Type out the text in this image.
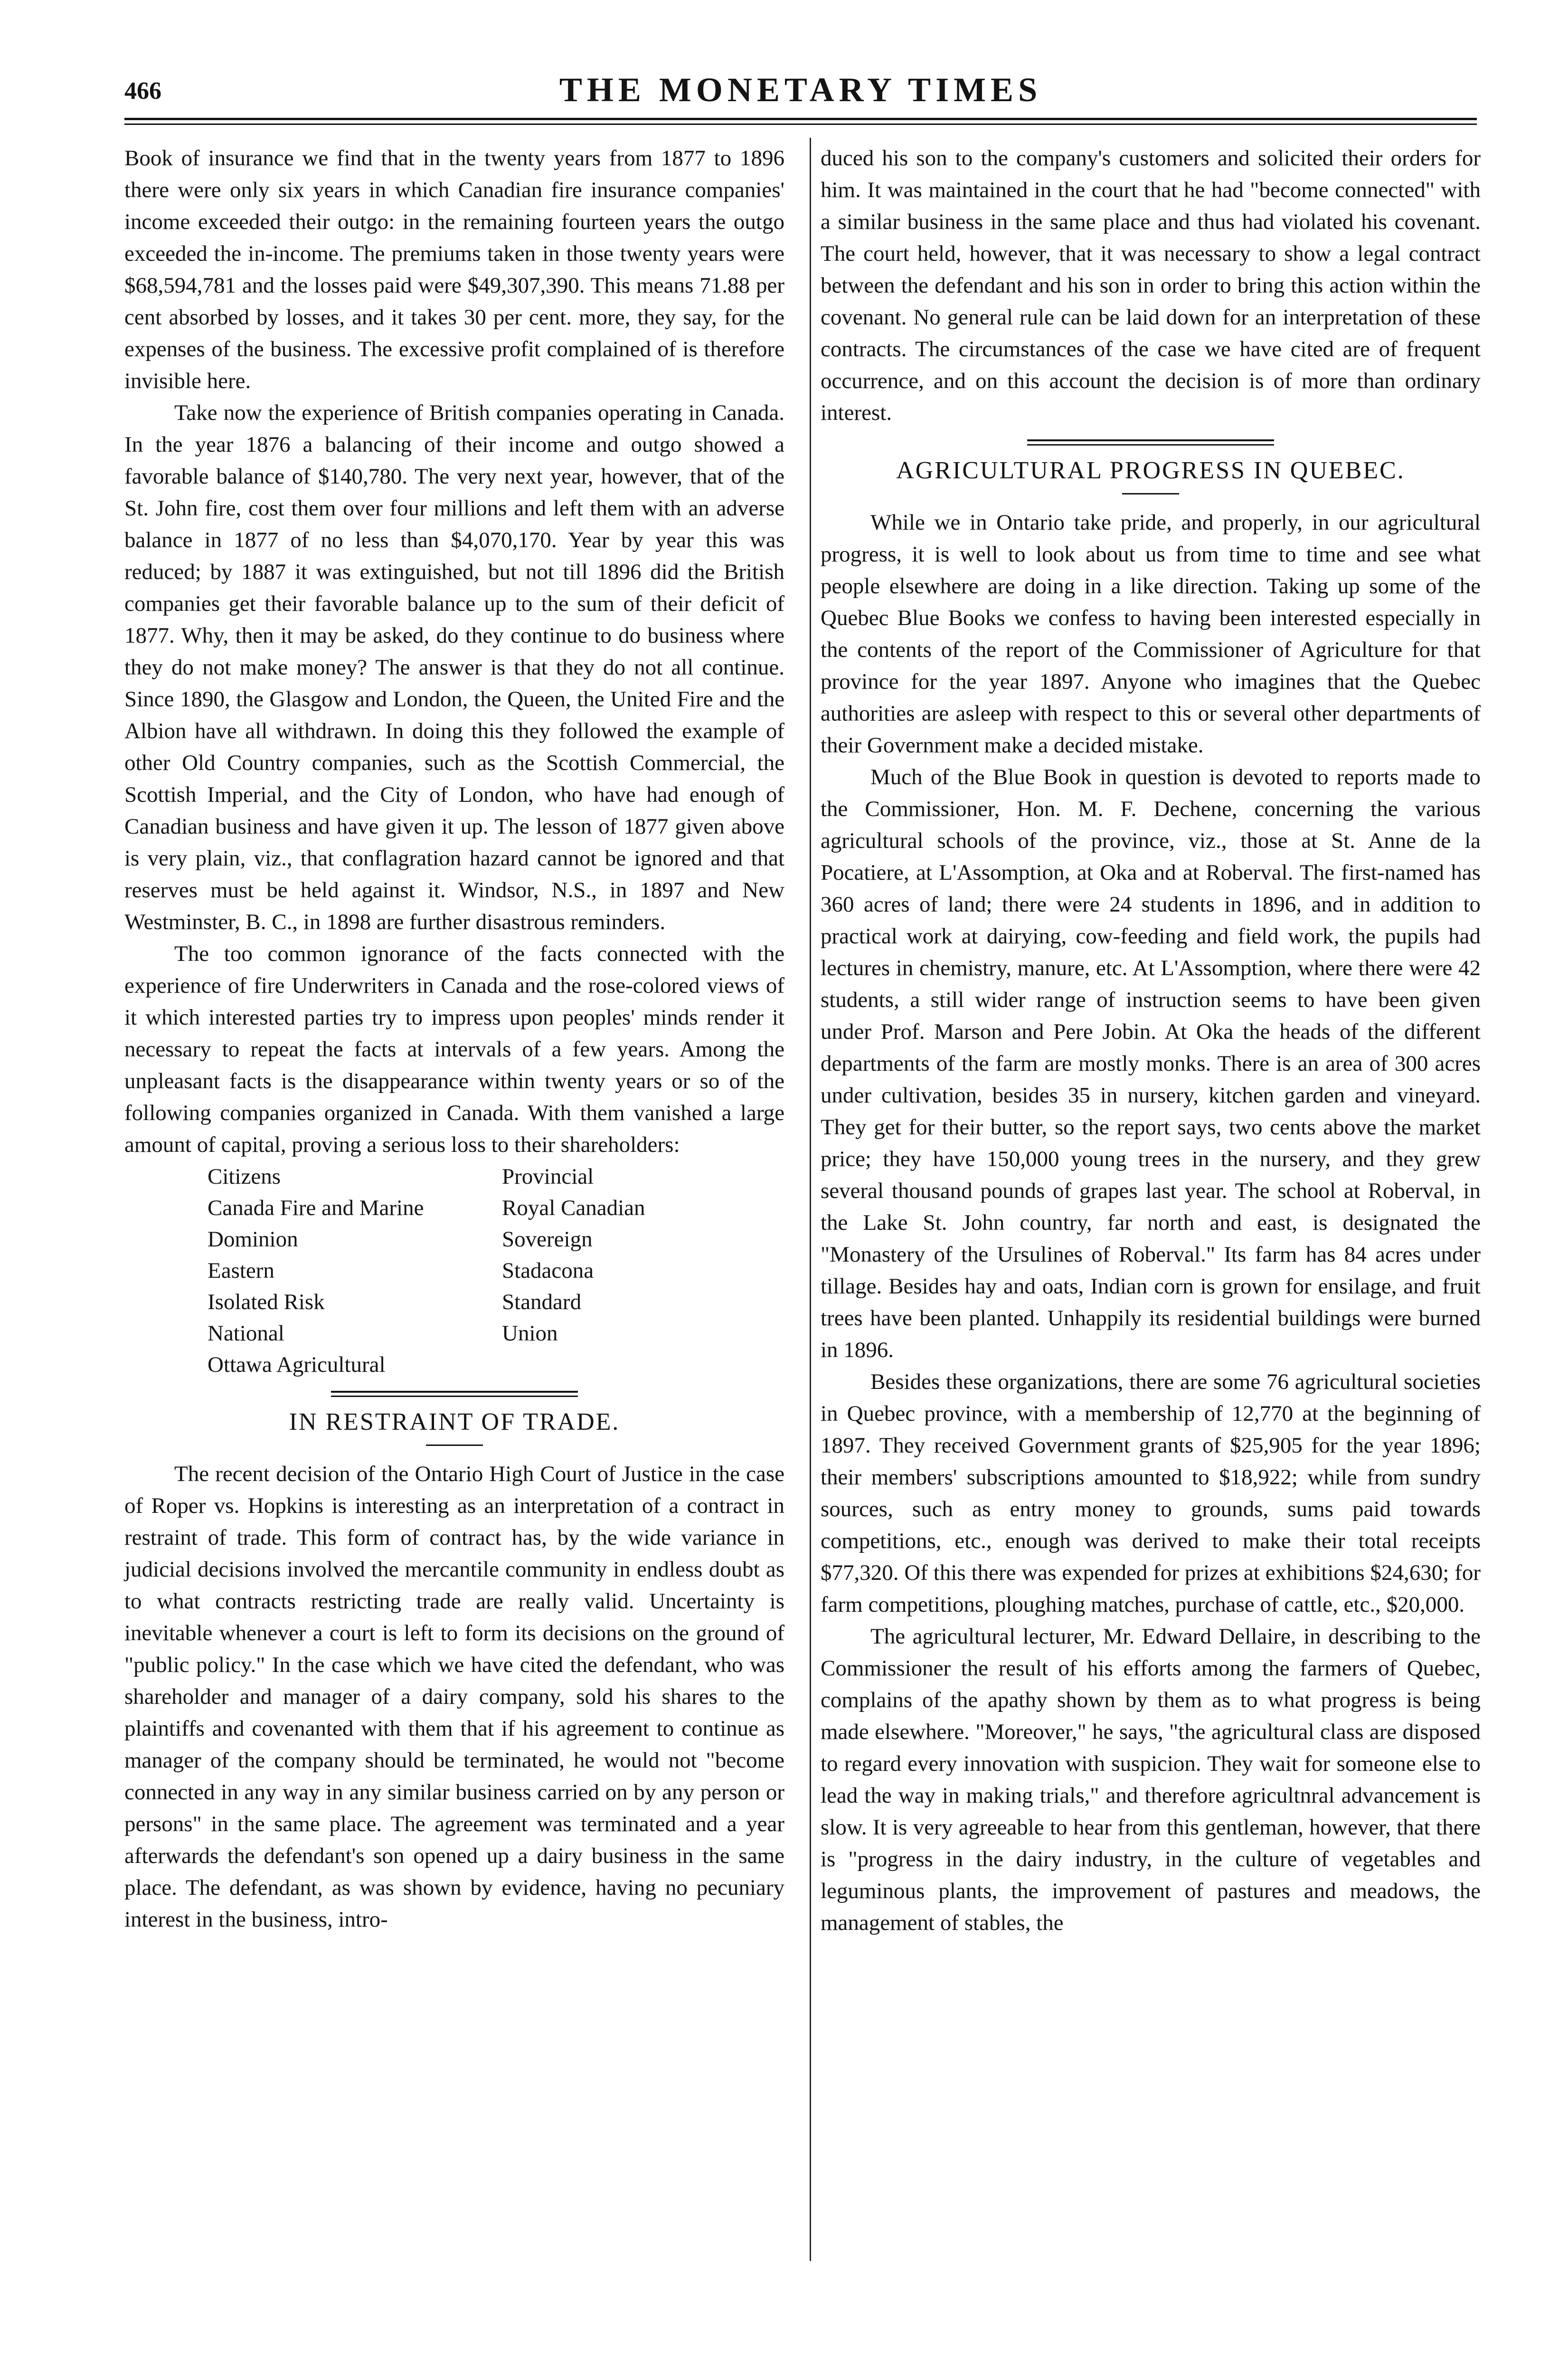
466	THE MONETARY TIMES

Book of insurance we find that in the twenty years from 1877 to 1896 there were only six years in which Canadian fire insurance companies' income exceeded their outgo: in the remaining fourteen years the outgo exceeded the in-income. The premiums taken in those twenty years were $68,594,781 and the losses paid were $49,307,390. This means 71.88 per cent absorbed by losses, and it takes 30 per cent. more, they say, for the expenses of the business. The excessive profit complained of is therefore invisible here.

Take now the experience of British companies operating in Canada. In the year 1876 a balancing of their income and outgo showed a favorable balance of $140,780. The very next year, however, that of the St. John fire, cost them over four millions and left them with an adverse balance in 1877 of no less than $4,070,170. Year by year this was reduced; by 1887 it was extinguished, but not till 1896 did the British companies get their favorable balance up to the sum of their deficit of 1877. Why, then it may be asked, do they continue to do business where they do not make money? The answer is that they do not all continue. Since 1890, the Glasgow and London, the Queen, the United Fire and the Albion have all withdrawn. In doing this they followed the example of other Old Country companies, such as the Scottish Commercial, the Scottish Imperial, and the City of London, who have had enough of Canadian business and have given it up. The lesson of 1877 given above is very plain, viz., that conflagration hazard cannot be ignored and that reserves must be held against it. Windsor, N.S., in 1897 and New Westminster, B. C., in 1898 are further disastrous reminders.

The too common ignorance of the facts connected with the experience of fire Underwriters in Canada and the rose-colored views of it which interested parties try to impress upon peoples' minds render it necessary to repeat the facts at intervals of a few years. Among the unpleasant facts is the disappearance within twenty years or so of the following companies organized in Canada. With them vanished a large amount of capital, proving a serious loss to their shareholders:

Citizens	Provincial
Canada Fire and Marine	Royal Canadian
Dominion	Sovereign
Eastern	Stadacona
Isolated Risk	Standard
National	Union
Ottawa Agricultural
IN RESTRAINT OF TRADE.

The recent decision of the Ontario High Court of Justice in the case of Roper vs. Hopkins is interesting as an interpretation of a contract in restraint of trade. This form of contract has, by the wide variance in judicial decisions involved the mercantile community in endless doubt as to what contracts restricting trade are really valid. Uncertainty is inevitable whenever a court is left to form its decisions on the ground of "public policy." In the case which we have cited the defendant, who was shareholder and manager of a dairy company, sold his shares to the plaintiffs and covenanted with them that if his agreement to continue as manager of the company should be terminated, he would not "become connected in any way in any similar business carried on by any person or persons" in the same place. The agreement was terminated and a year afterwards the defendant's son opened up a dairy business in the same place. The defendant, as was shown by evidence, having no pecuniary interest in the business, intro-

duced his son to the company's customers and solicited their orders for him. It was maintained in the court that he had "become connected" with a similar business in the same place and thus had violated his covenant. The court held, however, that it was necessary to show a legal contract between the defendant and his son in order to bring this action within the covenant. No general rule can be laid down for an interpretation of these contracts. The circumstances of the case we have cited are of frequent occurrence, and on this account the decision is of more than ordinary interest.

AGRICULTURAL PROGRESS IN QUEBEC.

While we in Ontario take pride, and properly, in our agricultural progress, it is well to look about us from time to time and see what people elsewhere are doing in a like direction. Taking up some of the Quebec Blue Books we confess to having been interested especially in the contents of the report of the Commissioner of Agriculture for that province for the year 1897. Anyone who imagines that the Quebec authorities are asleep with respect to this or several other departments of their Government make a decided mistake.

Much of the Blue Book in question is devoted to reports made to the Commissioner, Hon. M. F. Dechene, concerning the various agricultural schools of the province, viz., those at St. Anne de la Pocatiere, at L'Assomption, at Oka and at Roberval. The first-named has 360 acres of land; there were 24 students in 1896, and in addition to practical work at dairying, cow-feeding and field work, the pupils had lectures in chemistry, manure, etc. At L'Assomption, where there were 42 students, a still wider range of instruction seems to have been given under Prof. Marson and Pere Jobin. At Oka the heads of the different departments of the farm are mostly monks. There is an area of 300 acres under cultivation, besides 35 in nursery, kitchen garden and vineyard. They get for their butter, so the report says, two cents above the market price; they have 150,000 young trees in the nursery, and they grew several thousand pounds of grapes last year. The school at Roberval, in the Lake St. John country, far north and east, is designated the "Monastery of the Ursulines of Roberval." Its farm has 84 acres under tillage. Besides hay and oats, Indian corn is grown for ensilage, and fruit trees have been planted. Unhappily its residential buildings were burned in 1896.

Besides these organizations, there are some 76 agricultural societies in Quebec province, with a membership of 12,770 at the beginning of 1897. They received Government grants of $25,905 for the year 1896; their members' subscriptions amounted to $18,922; while from sundry sources, such as entry money to grounds, sums paid towards competitions, etc., enough was derived to make their total receipts $77,320. Of this there was expended for prizes at exhibitions $24,630; for farm competitions, ploughing matches, purchase of cattle, etc., $20,000.

The agricultural lecturer, Mr. Edward Dellaire, in describing to the Commissioner the result of his efforts among the farmers of Quebec, complains of the apathy shown by them as to what progress is being made elsewhere. "Moreover," he says, "the agricultural class are disposed to regard every innovation with suspicion. They wait for someone else to lead the way in making trials," and therefore agricultnral advancement is slow. It is very agreeable to hear from this gentleman, however, that there is "progress in the dairy industry, in the culture of vegetables and leguminous plants, the improvement of pastures and meadows, the management of stables, the
